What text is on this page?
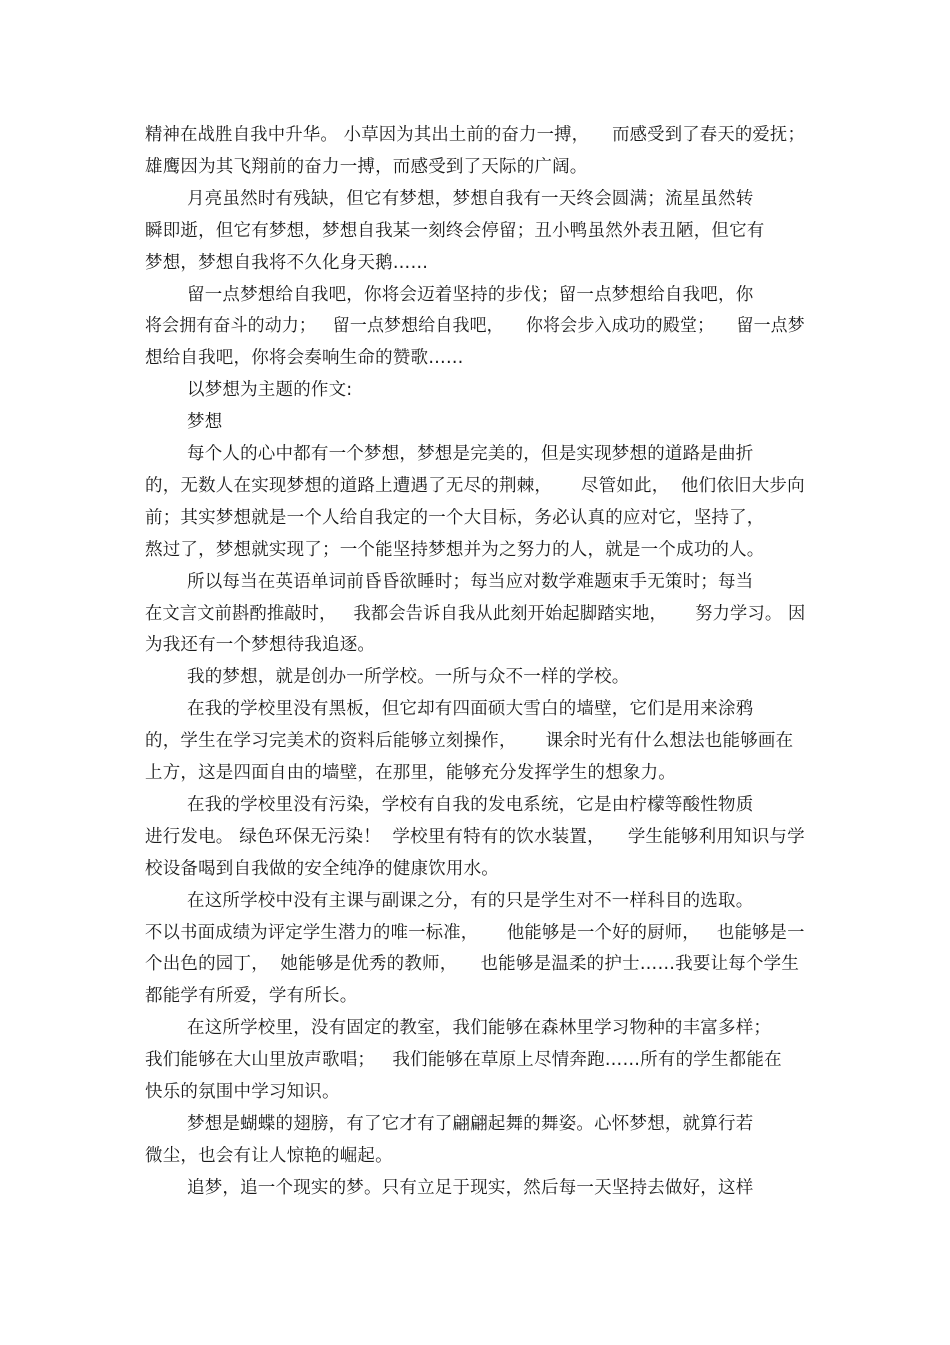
精神在战胜自我中升华。 小草因为其出土前的奋力一搏，    而感受到了春天的爱抚；
雄鹰因为其飞翔前的奋力一搏，而感受到了天际的广阔。
月亮虽然时有残缺，但它有梦想，梦想自我有一天终会圆满；流星虽然转
瞬即逝，但它有梦想，梦想自我某一刻终会停留；丑小鸭虽然外表丑陋，但它有
梦想，梦想自我将不久化身天鹅……
留一点梦想给自我吧，你将会迈着坚持的步伐；留一点梦想给自我吧，你
将会拥有奋斗的动力；   留一点梦想给自我吧，    你将会步入成功的殿堂；    留一点梦
想给自我吧，你将会奏响生命的赞歌……
以梦想为主题的作文:
梦想
每个人的心中都有一个梦想，梦想是完美的，但是实现梦想的道路是曲折
的，无数人在实现梦想的道路上遭遇了无尽的荆棘，     尽管如此，  他们依旧大步向
前；其实梦想就是一个人给自我定的一个大目标，务必认真的应对它，坚持了，
熬过了，梦想就实现了；一个能坚持梦想并为之努力的人，就是一个成功的人。
所以每当在英语单词前昏昏欲睡时；每当应对数学难题束手无策时；每当
在文言文前斟酌推敲时，   我都会告诉自我从此刻开始起脚踏实地，     努力学习。 因
为我还有一个梦想待我追逐。
我的梦想，就是创办一所学校。一所与众不一样的学校。
在我的学校里没有黑板，但它却有四面硕大雪白的墙壁，它们是用来涂鸦
的，学生在学习完美术的资料后能够立刻操作，     课余时光有什么想法也能够画在
上方，这是四面自由的墙壁，在那里，能够充分发挥学生的想象力。
在我的学校里没有污染，学校有自我的发电系统，它是由柠檬等酸性物质
进行发电。 绿色环保无污染！  学校里有特有的饮水装置，    学生能够利用知识与学
校设备喝到自我做的安全纯净的健康饮用水。
在这所学校中没有主课与副课之分，有的只是学生对不一样科目的选取。
不以书面成绩为评定学生潜力的唯一标准，     他能够是一个好的厨师，   也能够是一
个出色的园丁，  她能够是优秀的教师，    也能够是温柔的护士……我要让每个学生
都能学有所爱，学有所长。
在这所学校里，没有固定的教室，我们能够在森林里学习物种的丰富多样；
我们能够在大山里放声歌唱；   我们能够在草原上尽情奔跑……所有的学生都能在
快乐的氛围中学习知识。
梦想是蝴蝶的翅膀，有了它才有了翩翩起舞的舞姿。心怀梦想，就算行若
微尘，也会有让人惊艳的崛起。
追梦，追一个现实的梦。只有立足于现实，然后每一天坚持去做好，这样
